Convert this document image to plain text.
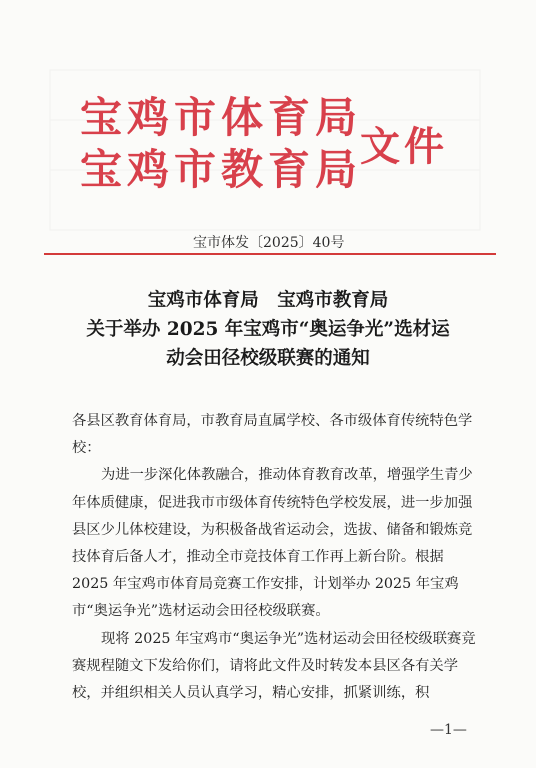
宝鸡市体育局
宝鸡市教育局
文件
宝市体发〔2025〕40号
宝鸡市体育局　宝鸡市教育局
关于举办 2025 年宝鸡市“奥运争光”选材运
动会田径校级联赛的通知

各县区教育体育局，市教育局直属学校、各市级体育传统特色学校：

为进一步深化体教融合，推动体育教育改革，增强学生青少年体质健康，促进我市市级体育传统特色学校发展，进一步加强县区少儿体校建设，为积极备战省运动会，选拔、储备和锻炼竞技体育后备人才，推动全市竞技体育工作再上新台阶。根据 2025 年宝鸡市体育局竞赛工作安排，计划举办 2025 年宝鸡市“奥运争光”选材运动会田径校级联赛。

现将 2025 年宝鸡市“奥运争光”选材运动会田径校级联赛竞赛规程随文下发给你们，请将此文件及时转发本县区各有关学校，并组织相关人员认真学习，精心安排，抓紧训练，积

—1—
